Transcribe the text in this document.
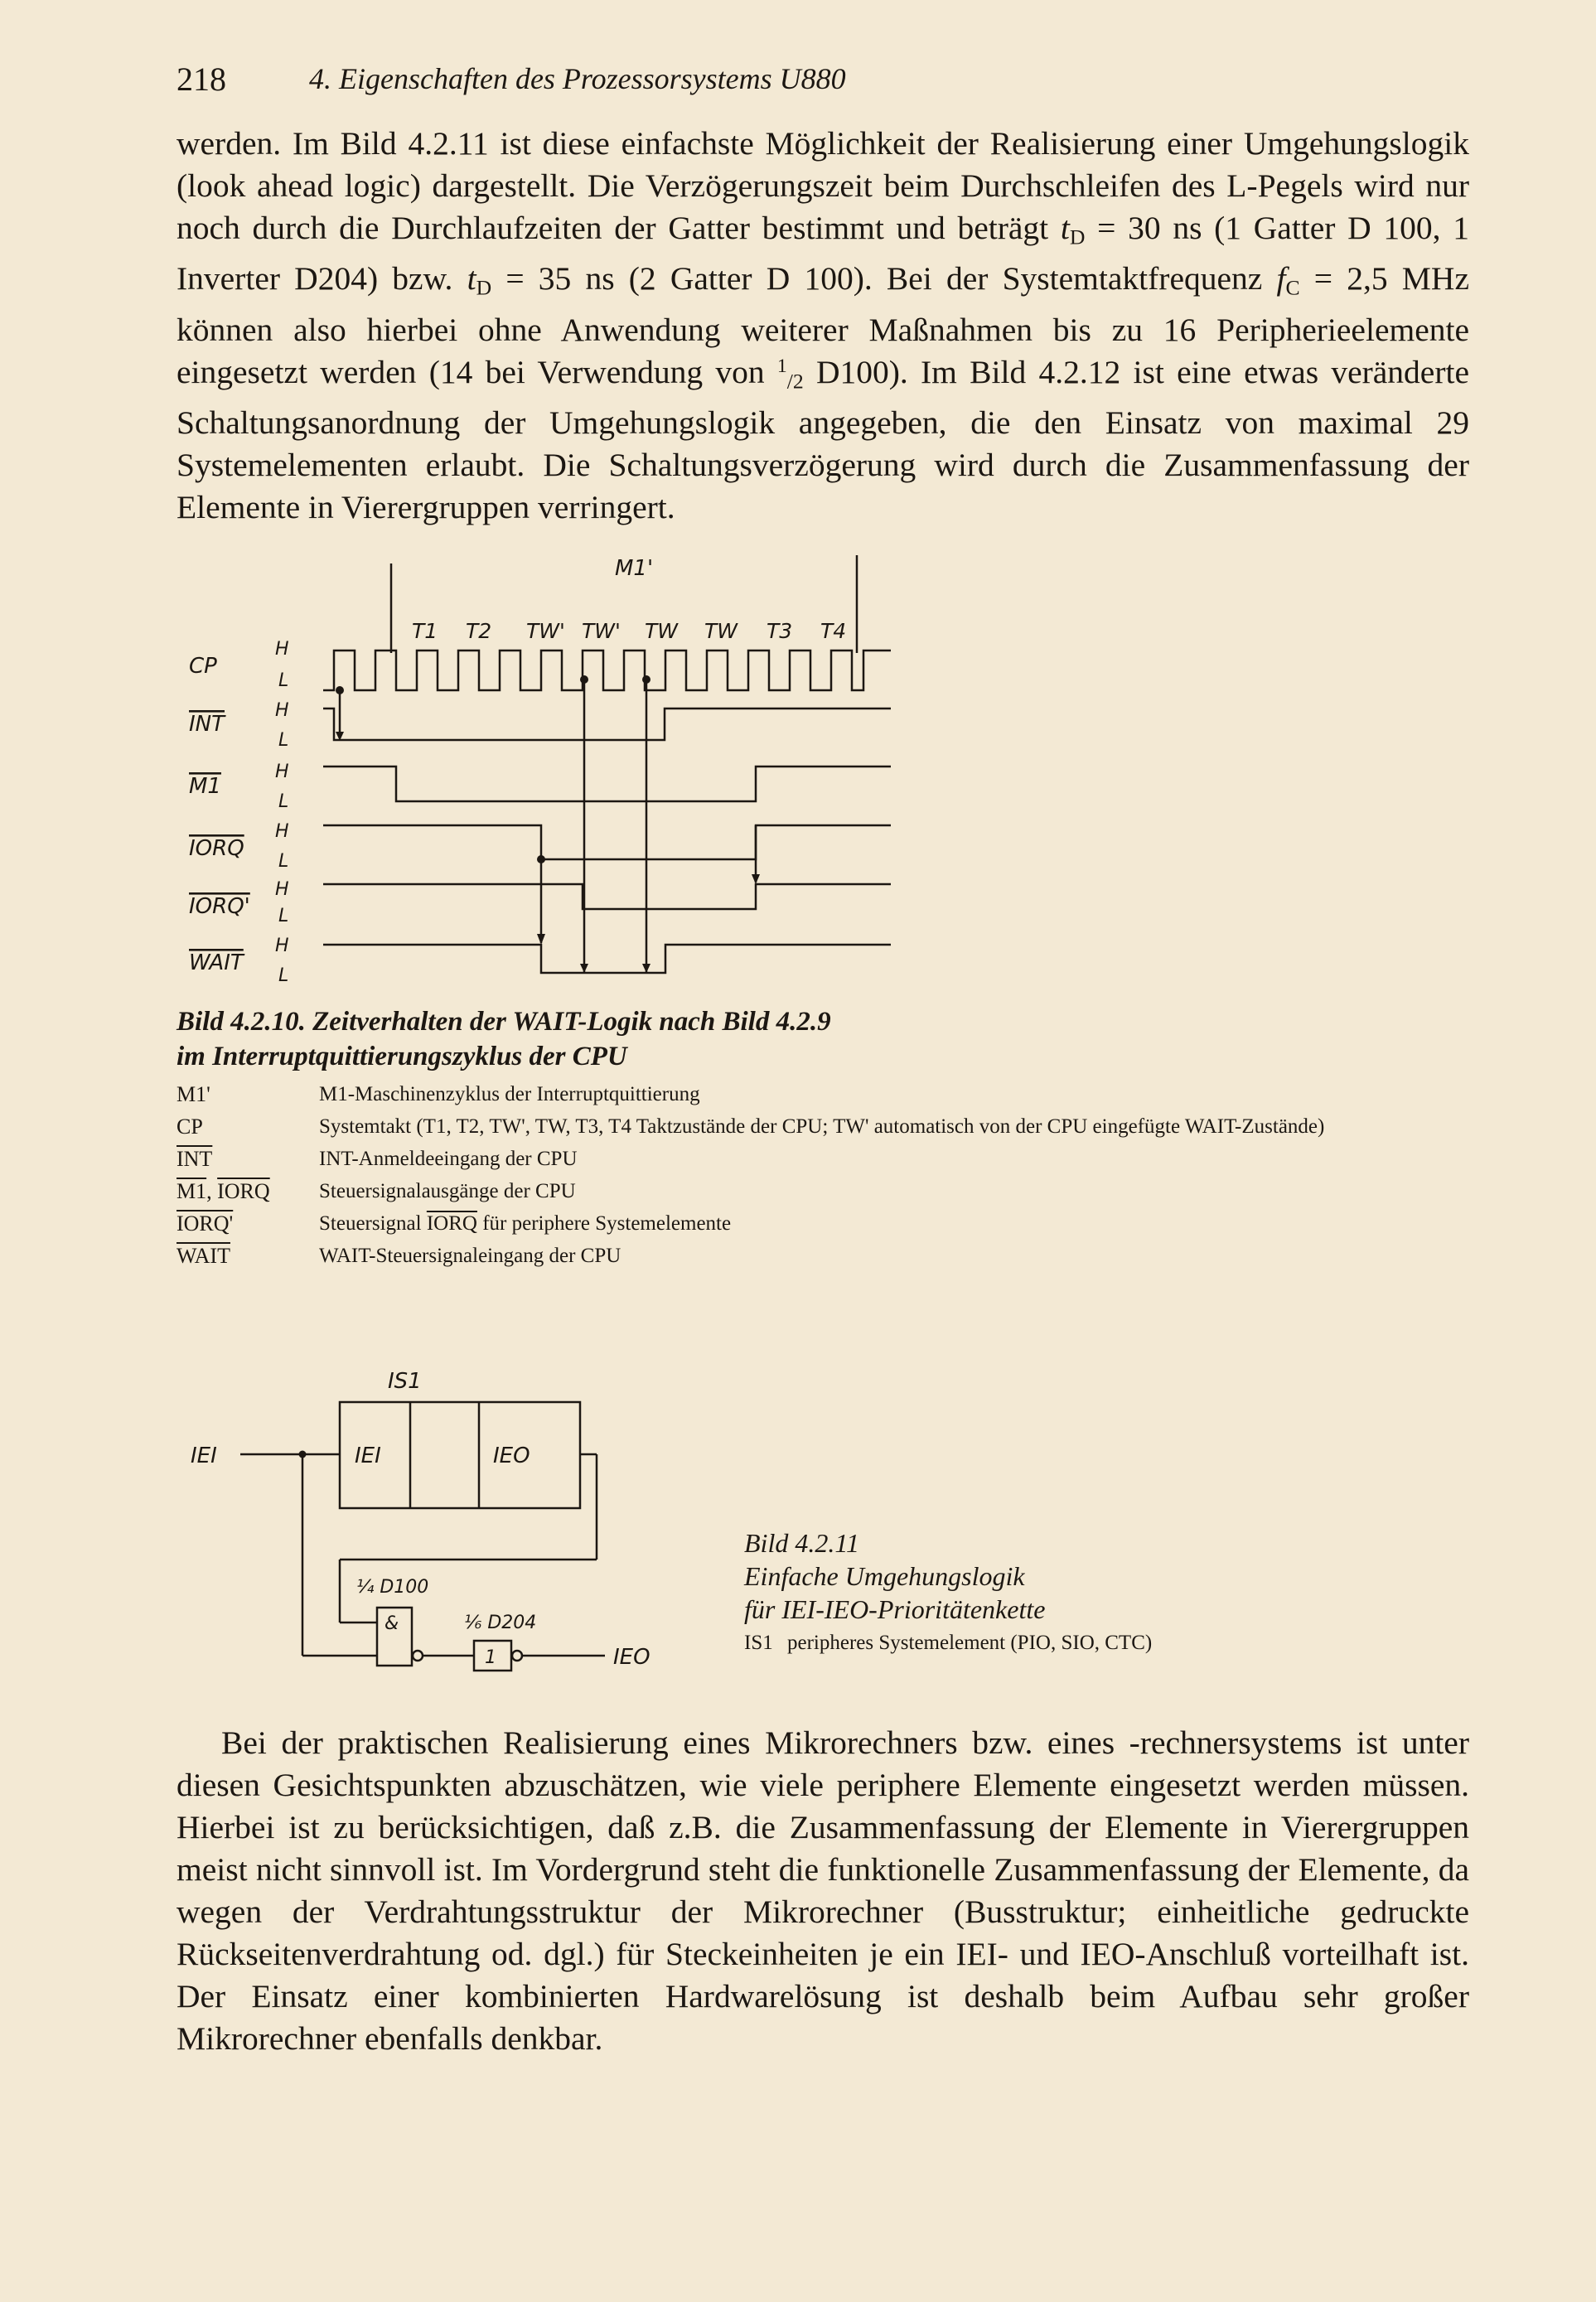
218	4. Eigenschaften des Prozessorsystems U880

werden. Im Bild 4.2.11 ist diese einfachste Möglichkeit der Realisierung einer Umgehungslogik (look ahead logic) dargestellt. Die Verzögerungszeit beim Durchschleifen des L-Pegels wird nur noch durch die Durchlaufzeiten der Gatter bestimmt und beträgt $t_D = 30$ ns (1 Gatter D 100, 1 Inverter D204) bzw. $t_D = 35$ ns (2 Gatter D 100). Bei der Systemtaktfrequenz $f_C = 2,5$ MHz können also hierbei ohne Anwendung weiterer Maßnahmen bis zu 16 Peripherieelemente eingesetzt werden (14 bei Verwendung von $^1_{/2}$ D100). Im Bild 4.2.12 ist eine etwas veränderte Schaltungsanordnung der Umgehungslogik angegeben, die den Einsatz von maximal 29 Systemelementen erlaubt. Die Schaltungsverzögerung wird durch die Zusammenfassung der Elemente in Vierergruppen verringert.

M1'
T1 T2 TW' TW' TW TW T3 T4
CP
INT
M1
IORQ
IORQ'
WAIT
H
L
H
L
H
L
H
L
H
L
H
L
Bild 4.2.10. Zeitverhalten der WAIT-Logik nach Bild 4.2.9
im Interruptquittierungszyklus der CPU
M1'	M1-Maschinenzyklus der Interruptquittierung
CP	Systemtakt (T1, T2, TW', TW, T3, T4 Taktzustände der CPU; TW' automatisch von der CPU eingefügte WAIT-Zustände)
$\overline{INT}$	INT-Anmeldeeingang der CPU
M1, IORQ	Steuersignalausgänge der CPU
IORQ'	Steuersignal IORQ für periphere Systemelemente
WAIT	WAIT-Steuersignaleingang der CPU
IS1
IEI	IEO
IEI
IEO
¼ D100
&	⅙ D204
1
Bild 4.2.11
Einfache Umgehungslogik
für IEI-IEO-Prioritätenkette
IS1 peripheres Systemelement (PIO, SIO, CTC)

Bei der praktischen Realisierung eines Mikrorechners bzw. eines -rechnersystems ist unter diesen Gesichtspunkten abzuschätzen, wie viele periphere Elemente eingesetzt werden müssen. Hierbei ist zu berücksichtigen, daß z.B. die Zusammenfassung der Elemente in Vierergruppen meist nicht sinnvoll ist. Im Vordergrund steht die funktionelle Zusammenfassung der Elemente, da wegen der Verdrahtungsstruktur der Mikrorechner (Busstruktur; einheitliche gedruckte Rückseitenverdrahtung od. dgl.) für Steckeinheiten je ein IEI- und IEO-Anschluß vorteilhaft ist. Der Einsatz einer kombinierten Hardwarelösung ist deshalb beim Aufbau sehr großer Mikrorechner ebenfalls denkbar.
